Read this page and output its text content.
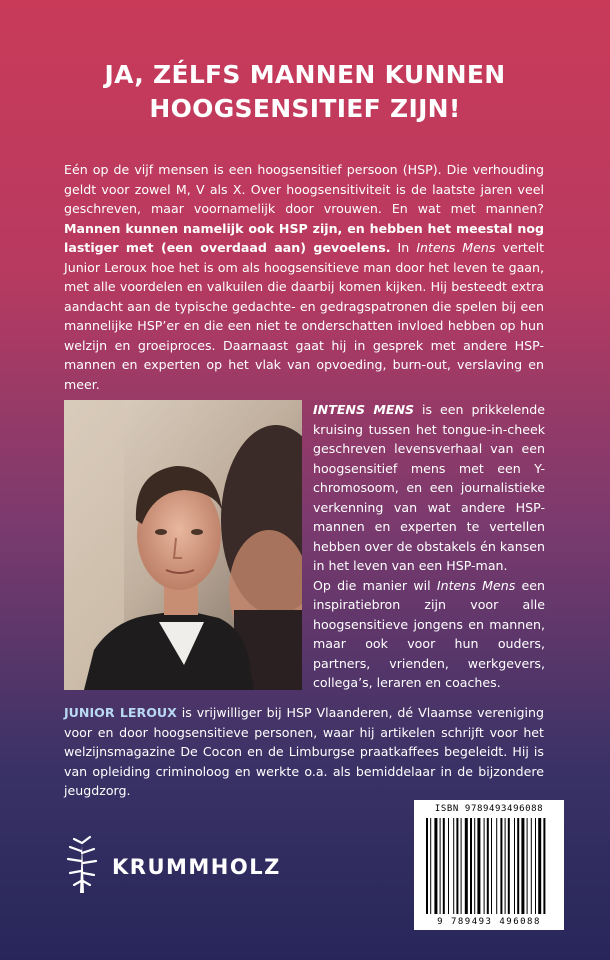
JA, ZÉLFS MANNEN KUNNEN
HOOGSENSITIEF ZIJN!
Eén op de vijf mensen is een hoogsensitief persoon (HSP). Die verhouding geldt voor zowel M, V als X. Over hoogsensitiviteit is de laatste jaren veel geschreven, maar voornamelijk door vrouwen. En wat met mannen? Mannen kunnen namelijk ook HSP zijn, en hebben het meestal nog lastiger met (een overdaad aan) gevoelens. In Intens Mens vertelt Junior Leroux hoe het is om als hoogsensitieve man door het leven te gaan, met alle voordelen en valkuilen die daarbij komen kijken. Hij besteedt extra aandacht aan de typische gedachte- en gedragspatronen die spelen bij een mannelijke HSP’er en die een niet te onderschatten invloed hebben op hun welzijn en groeiproces. Daarnaast gaat hij in gesprek met andere HSP-mannen en experten op het vlak van opvoeding, burn-out, verslaving en meer.

INTENS MENS is een prikkelende kruising tussen het tongue-in-cheek geschreven levensverhaal van een hoogsensitief mens met een Y-chromosoom, en een journalistieke verkenning van wat andere HSP-mannen en experten te vertellen hebben over de obstakels én kansen in het leven van een HSP-man.

Op die manier wil Intens Mens een inspiratiebron zijn voor alle hoogsensitieve jongens en mannen, maar ook voor hun ouders, partners, vrienden, werkgevers, collega’s, leraren en coaches.

JUNIOR LEROUX is vrijwilliger bij HSP Vlaanderen, dé Vlaamse vereniging voor en door hoogsensitieve personen, waar hij artikelen schrijft voor het welzijnsmagazine De Cocon en de Limburgse praatkaffees begeleidt. Hij is van opleiding criminoloog en werkte o.a. als bemiddelaar in de bijzondere jeugdzorg.
KRUMMHOLZ
ISBN 9789493496088
9 789493 496088
